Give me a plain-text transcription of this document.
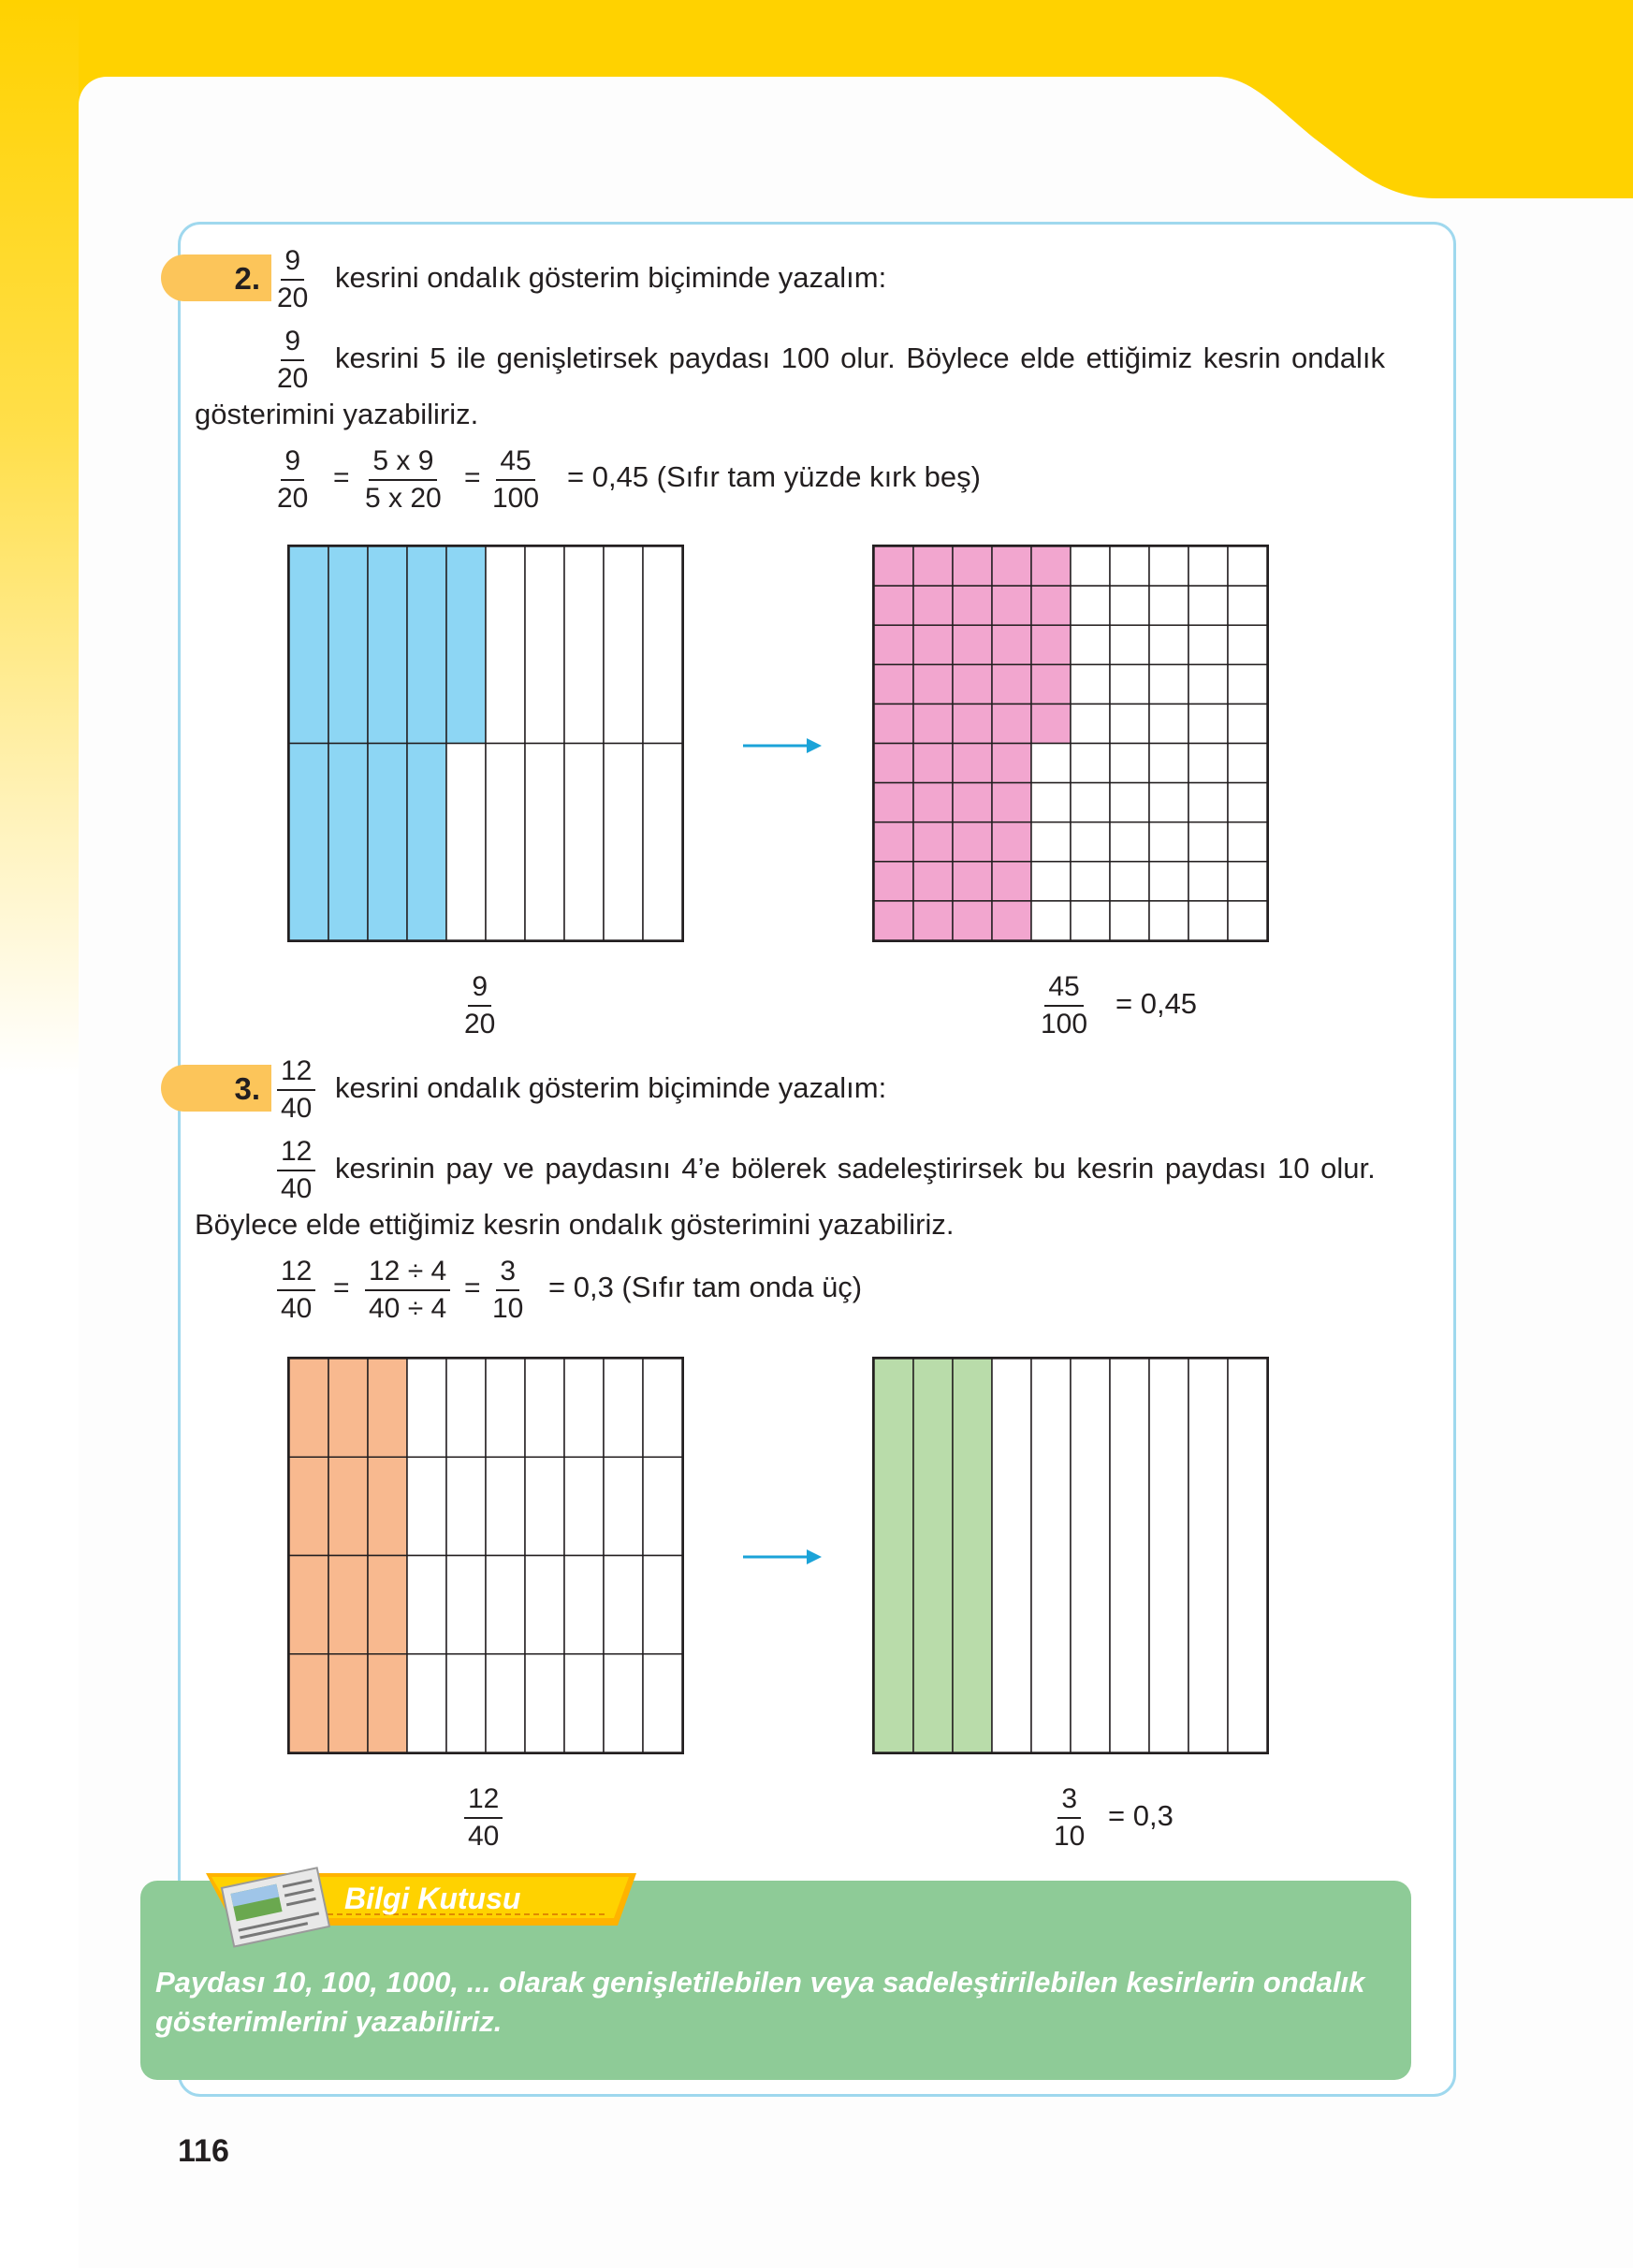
2. $\frac{9}{20}$ kesrini ondalık gösterim biçiminde yazalım:
$\frac{9}{20}$ kesrini 5 ile genişletirsek paydası 100 olur. Böylece elde ettiğimiz kesrin ondalık
gösterimini yazabiliriz.
$\frac{9}{20} = \frac{5 x 9}{5 x 20} = \frac{45}{100} = 0,45$ (Sıfır tam yüzde kırk beş)
$\frac{9}{20}$	$\frac{45}{100} = 0,45$
3. $\frac{12}{40}$ kesrini ondalık gösterim biçiminde yazalım:
$\frac{12}{40}$ kesrinin pay ve paydasını 4’e bölerek sadeleştirirsek bu kesrin paydası 10 olur.
Böylece elde ettiğimiz kesrin ondalık gösterimini yazabiliriz.
$\frac{12}{40} = \frac{12 \div 4}{40 \div 4} = \frac{3}{10} = 0,3$ (Sıfır tam onda üç)
$\frac{12}{40}$	$\frac{3}{10} = 0,3$
Bilgi Kutusu
Paydası 10, 100, 1000, ... olarak genişletilebilen veya sadeleştirilebilen kesirlerin ondalık gösterimlerini yazabiliriz.
116
